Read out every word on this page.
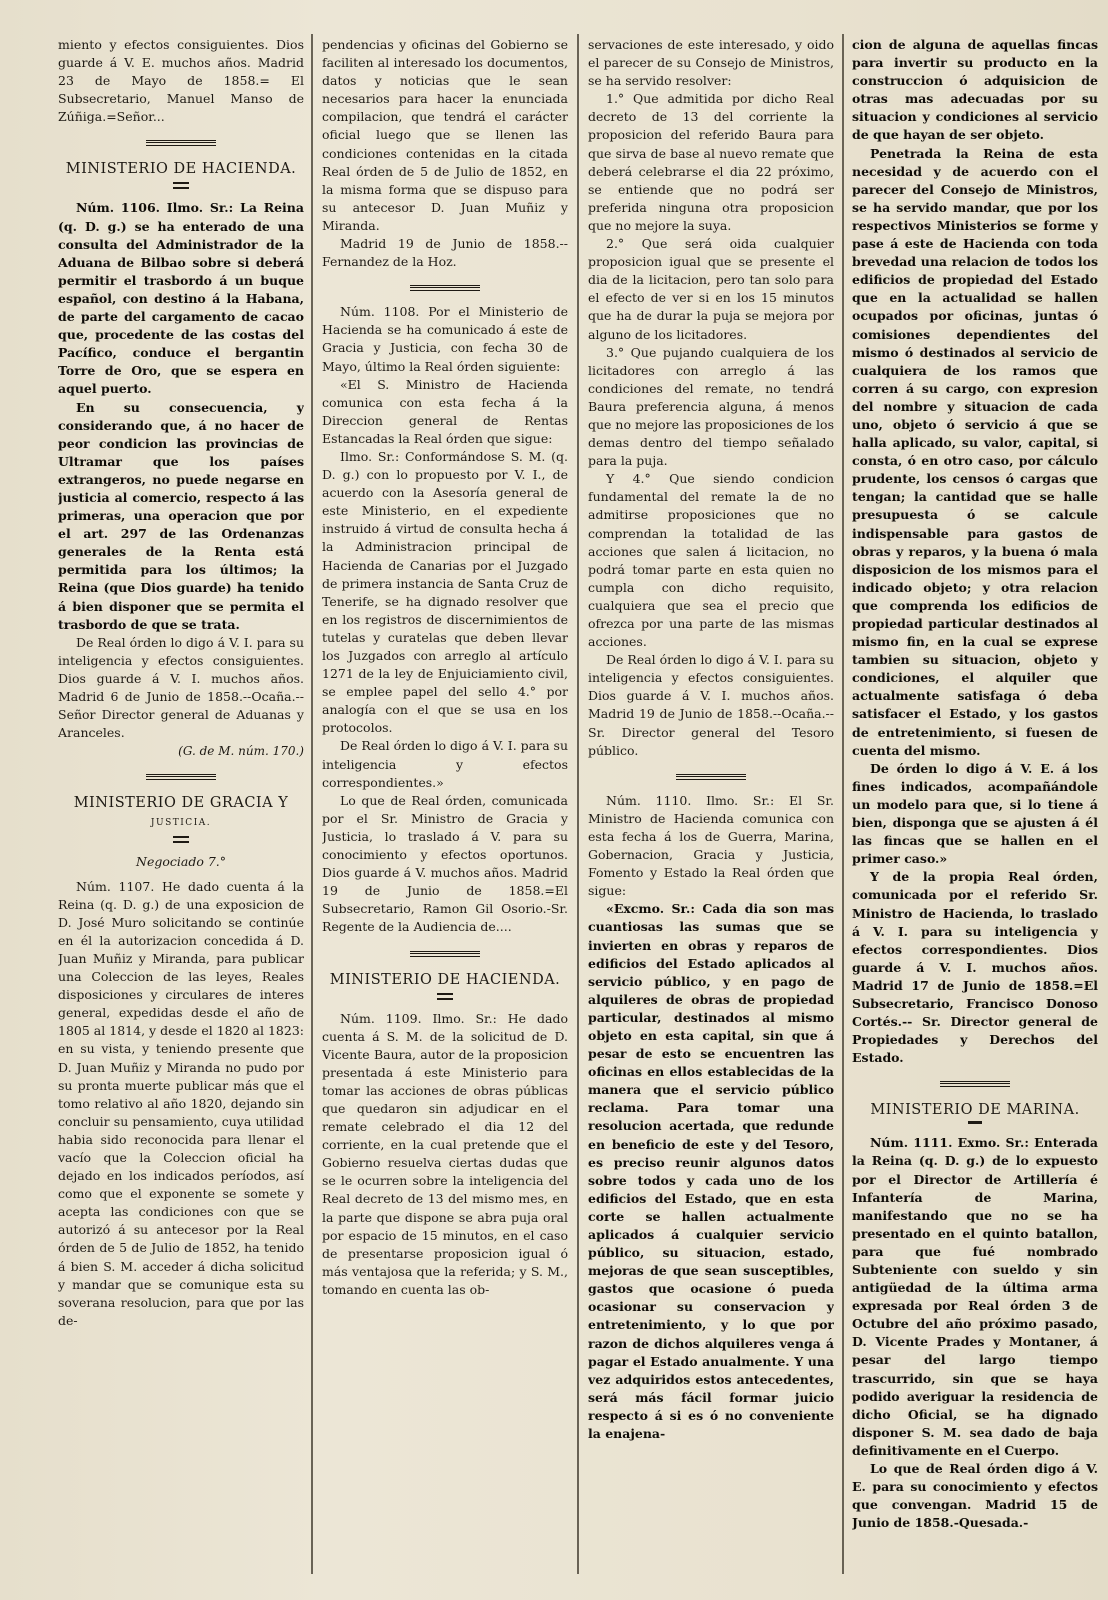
miento y efectos consiguientes. Dios guarde á V. E. muchos años. Madrid 23 de Mayo de 1858.= El Subsecretario, Manuel Manso de Zúñiga.=Señor...

MINISTERIO DE HACIENDA.

Núm. 1106. Ilmo. Sr.: La Reina (q. D. g.) se ha enterado de una consulta del Administrador de la Aduana de Bilbao sobre si deberá permitir el trasbordo á un buque español, con destino á la Habana, de parte del cargamento de cacao que, procedente de las costas del Pacífico, conduce el bergantin Torre de Oro, que se espera en aquel puerto.

En su consecuencia, y considerando que, á no hacer de peor condicion las provincias de Ultramar que los países extrangeros, no puede negarse en justicia al comercio, respecto á las primeras, una operacion que por el art. 297 de las Ordenanzas generales de la Renta está permitida para los últimos; la Reina (que Dios guarde) ha tenido á bien disponer que se permita el trasbordo de que se trata.

De Real órden lo digo á V. I. para su inteligencia y efectos consiguientes. Dios guarde á V. I. muchos años. Madrid 6 de Junio de 1858.--Ocaña.--Señor Director general de Aduanas y Aranceles.

(G. de M. núm. 170.)
MINISTERIO DE GRACIA Y
JUSTICIA.
Negociado 7.°

Núm. 1107. He dado cuenta á la Reina (q. D. g.) de una exposicion de D. José Muro solicitando se continúe en él la autorizacion concedida á D. Juan Muñiz y Miranda, para publicar una Coleccion de las leyes, Reales disposiciones y circulares de interes general, expedidas desde el año de 1805 al 1814, y desde el 1820 al 1823: en su vista, y teniendo presente que D. Juan Muñiz y Miranda no pudo por su pronta muerte publicar más que el tomo relativo al año 1820, dejando sin concluir su pensamiento, cuya utilidad habia sido reconocida para llenar el vacío que la Coleccion oficial ha dejado en los indicados períodos, así como que el exponente se somete y acepta las condiciones con que se autorizó á su antecesor por la Real órden de 5 de Julio de 1852, ha tenido á bien S. M. acceder á dicha solicitud y mandar que se comunique esta su soverana resolucion, para que por las de-

pendencias y oficinas del Gobierno se faciliten al interesado los documentos, datos y noticias que le sean necesarios para hacer la enunciada compilacion, que tendrá el carácter oficial luego que se llenen las condiciones contenidas en la citada Real órden de 5 de Julio de 1852, en la misma forma que se dispuso para su antecesor D. Juan Muñiz y Miranda.

Madrid 19 de Junio de 1858.-- Fernandez de la Hoz.

Núm. 1108. Por el Ministerio de Hacienda se ha comunicado á este de Gracia y Justicia, con fecha 30 de Mayo, último la Real órden siguiente:

«El S. Ministro de Hacienda comunica con esta fecha á la Direccion general de Rentas Estancadas la Real órden que sigue:

Ilmo. Sr.: Conformándose S. M. (q. D. g.) con lo propuesto por V. I., de acuerdo con la Asesoría general de este Ministerio, en el expediente instruido á virtud de consulta hecha á la Administracion principal de Hacienda de Canarias por el Juzgado de primera instancia de Santa Cruz de Tenerife, se ha dignado resolver que en los registros de discernimientos de tutelas y curatelas que deben llevar los Juzgados con arreglo al artículo 1271 de la ley de Enjuiciamiento civil, se emplee papel del sello 4.° por analogía con el que se usa en los protocolos.

De Real órden lo digo á V. I. para su inteligencia y efectos correspondientes.»

Lo que de Real órden, comunicada por el Sr. Ministro de Gracia y Justicia, lo traslado á V. para su conocimiento y efectos oportunos. Dios guarde á V. muchos años. Madrid 19 de Junio de 1858.=El Subsecretario, Ramon Gil Osorio.-Sr. Regente de la Audiencia de....

MINISTERIO DE HACIENDA.

Núm. 1109. Ilmo. Sr.: He dado cuenta á S. M. de la solicitud de D. Vicente Baura, autor de la proposicion presentada á este Ministerio para tomar las acciones de obras públicas que quedaron sin adjudicar en el remate celebrado el dia 12 del corriente, en la cual pretende que el Gobierno resuelva ciertas dudas que se le ocurren sobre la inteligencia del Real decreto de 13 del mismo mes, en la parte que dispone se abra puja oral por espacio de 15 minutos, en el caso de presentarse proposicion igual ó más ventajosa que la referida; y S. M., tomando en cuenta las ob-

servaciones de este interesado, y oido el parecer de su Consejo de Ministros, se ha servido resolver:

1.° Que admitida por dicho Real decreto de 13 del corriente la proposicion del referido Baura para que sirva de base al nuevo remate que deberá celebrarse el dia 22 próximo, se entiende que no podrá ser preferida ninguna otra proposicion que no mejore la suya.

2.° Que será oida cualquier proposicion igual que se presente el dia de la licitacion, pero tan solo para el efecto de ver si en los 15 minutos que ha de durar la puja se mejora por alguno de los licitadores.

3.° Que pujando cualquiera de los licitadores con arreglo á las condiciones del remate, no tendrá Baura preferencia alguna, á menos que no mejore las proposiciones de los demas dentro del tiempo señalado para la puja.

Y 4.° Que siendo condicion fundamental del remate la de no admitirse proposiciones que no comprendan la totalidad de las acciones que salen á licitacion, no podrá tomar parte en esta quien no cumpla con dicho requisito, cualquiera que sea el precio que ofrezca por una parte de las mismas acciones.

De Real órden lo digo á V. I. para su inteligencia y efectos consiguientes. Dios guarde á V. I. muchos años. Madrid 19 de Junio de 1858.--Ocaña.--Sr. Director general del Tesoro público.

Núm. 1110. Ilmo. Sr.: El Sr. Ministro de Hacienda comunica con esta fecha á los de Guerra, Marina, Gobernacion, Gracia y Justicia, Fomento y Estado la Real órden que sigue:

«Excmo. Sr.: Cada dia son mas cuantiosas las sumas que se invierten en obras y reparos de edificios del Estado aplicados al servicio público, y en pago de alquileres de obras de propiedad particular, destinados al mismo objeto en esta capital, sin que á pesar de esto se encuentren las oficinas en ellos establecidas de la manera que el servicio público reclama. Para tomar una resolucion acertada, que redunde en beneficio de este y del Tesoro, es preciso reunir algunos datos sobre todos y cada uno de los edificios del Estado, que en esta corte se hallen actualmente aplicados á cualquier servicio público, su situacion, estado, mejoras de que sean susceptibles, gastos que ocasione ó pueda ocasionar su conservacion y entretenimiento, y lo que por razon de dichos alquileres venga á pagar el Estado anualmente. Y una vez adquiridos estos antecedentes, será más fácil formar juicio respecto á si es ó no conveniente la enajena-

cion de alguna de aquellas fincas para invertir su producto en la construccion ó adquisicion de otras mas adecuadas por su situacion y condiciones al servicio de que hayan de ser objeto.

Penetrada la Reina de esta necesidad y de acuerdo con el parecer del Consejo de Ministros, se ha servido mandar, que por los respectivos Ministerios se forme y pase á este de Hacienda con toda brevedad una relacion de todos los edificios de propiedad del Estado que en la actualidad se hallen ocupados por oficinas, juntas ó comisiones dependientes del mismo ó destinados al servicio de cualquiera de los ramos que corren á su cargo, con expresion del nombre y situacion de cada uno, objeto ó servicio á que se halla aplicado, su valor, capital, si consta, ó en otro caso, por cálculo prudente, los censos ó cargas que tengan; la cantidad que se halle presupuesta ó se calcule indispensable para gastos de obras y reparos, y la buena ó mala disposicion de los mismos para el indicado objeto; y otra relacion que comprenda los edificios de propiedad particular destinados al mismo fin, en la cual se exprese tambien su situacion, objeto y condiciones, el alquiler que actualmente satisfaga ó deba satisfacer el Estado, y los gastos de entretenimiento, si fuesen de cuenta del mismo.

De órden lo digo á V. E. á los fines indicados, acompañándole un modelo para que, si lo tiene á bien, disponga que se ajusten á él las fincas que se hallen en el primer caso.»

Y de la propia Real órden, comunicada por el referido Sr. Ministro de Hacienda, lo traslado á V. I. para su inteligencia y efectos correspondientes. Dios guarde á V. I. muchos años. Madrid 17 de Junio de 1858.=El Subsecretario, Francisco Donoso Cortés.-- Sr. Director general de Propiedades y Derechos del Estado.

MINISTERIO DE MARINA.

Núm. 1111. Exmo. Sr.: Enterada la Reina (q. D. g.) de lo expuesto por el Director de Artillería é Infantería de Marina, manifestando que no se ha presentado en el quinto batallon, para que fué nombrado Subteniente con sueldo y sin antigüedad de la última arma expresada por Real órden 3 de Octubre del año próximo pasado, D. Vicente Prades y Montaner, á pesar del largo tiempo trascurrido, sin que se haya podido averiguar la residencia de dicho Oficial, se ha dignado disponer S. M. sea dado de baja definitivamente en el Cuerpo.

Lo que de Real órden digo á V. E. para su conocimiento y efectos que convengan. Madrid 15 de Junio de 1858.-Quesada.-
